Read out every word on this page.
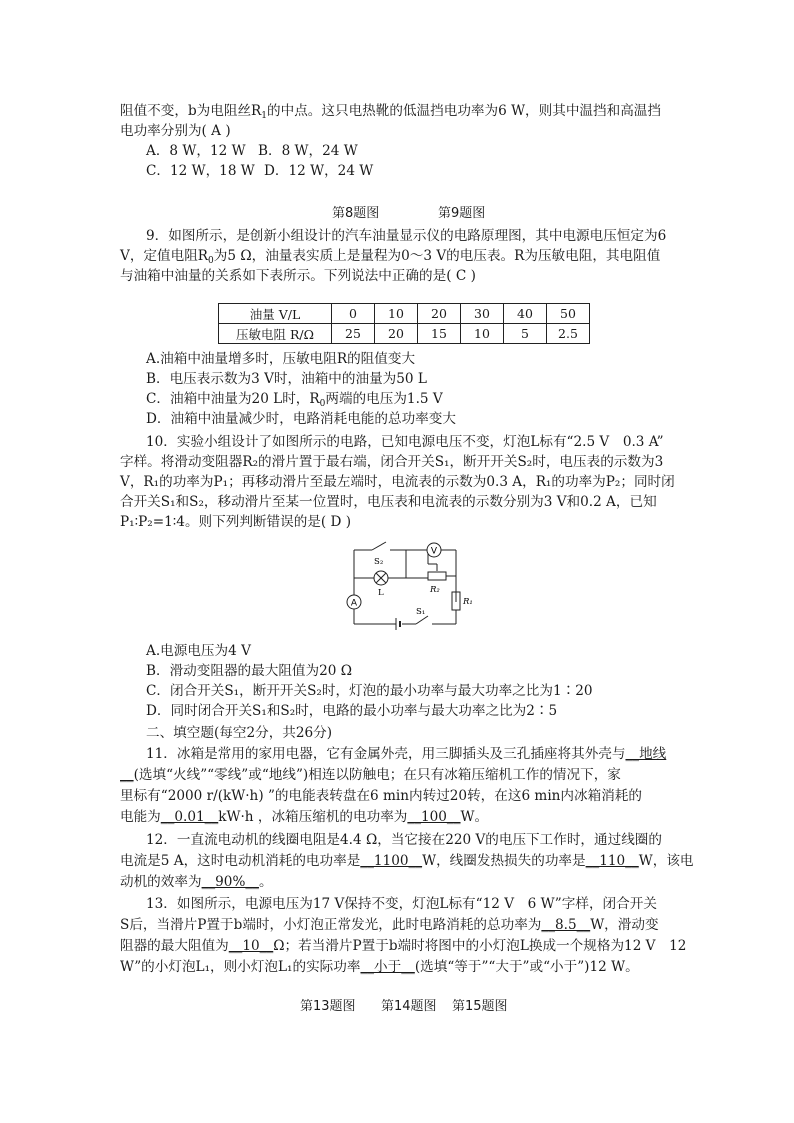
阻值不变，b为电阻丝$R_1$的中点。这只电热靴的低温挡电功率为6 W，则其中温挡和高温挡
电功率分别为( A )
A．8 W，12 W B．8 W，24 W
C．12 W，18 W D．12 W，24 W
第8题图	第9题图
9．如图所示，是创新小组设计的汽车油量显示仪的电路原理图，其中电源电压恒定为6
V，定值电阻$R_0$为5 Ω，油量表实质上是量程为0～3 V的电压表。R为压敏电阻，其电阻值
与油箱中油量的关系如下表所示。下列说法中正确的是( C )
油量 V/L	0	10	20	30	40	50
压敏电阻 R/Ω	25	20	15	10	5	2.5
A.油箱中油量增多时，压敏电阻R的阻值变大
B．电压表示数为3 V时，油箱中的油量为50 L
C．油箱中油量为20 L时，$R_0$两端的电压为1.5 V
D．油箱中油量减少时，电路消耗电能的总功率变大
10．实验小组设计了如图所示的电路，已知电源电压不变，灯泡L标有“2.5 V　0.3 A”
字样。将滑动变阻器R₂的滑片置于最右端，闭合开关S₁，断开开关S₂时，电压表的示数为3
V，R₁的功率为P₁；再移动滑片至最左端时，电流表的示数为0.3 A，R₁的功率为P₂；同时闭
合开关S₁和S₂，移动滑片至某一位置时，电压表和电流表的示数分别为3 V和0.2 A，已知
P₁∶P₂=1∶4。则下列判断错误的是( D )
V
A
S₂
L	R₂
R₁
S₁
A.电源电压为4 V
B．滑动变阻器的最大阻值为20 Ω
C．闭合开关S₁，断开开关S₂时，灯泡的最小功率与最大功率之比为1∶20
D．同时闭合开关S₁和S₂时，电路的最小功率与最大功率之比为2∶5
二、填空题(每空2分，共26分)
11．冰箱是常用的家用电器，它有金属外壳，用三脚插头及三孔插座将其外壳与__地线
__(选填“火线”“零线”或“地线”)相连以防触电；在只有冰箱压缩机工作的情况下，家
里标有“2000 r/(kW·h) ”的电能表转盘在6 min内转过20转，在这6 min内冰箱消耗的
电能为__0.01__kW·h ，冰箱压缩机的电功率为__100__W。
12．一直流电动机的线圈电阻是4.4 Ω，当它接在220 V的电压下工作时，通过线圈的
电流是5 A，这时电动机消耗的电功率是__1100__W，线圈发热损失的功率是__110__W，该电
动机的效率为__90%__。
13．如图所示，电源电压为17 V保持不变，灯泡L标有“12 V　6 W”字样，闭合开关
S后，当滑片P置于b端时，小灯泡正常发光，此时电路消耗的总功率为__8.5__W，滑动变
阻器的最大阻值为__10__Ω；若当滑片P置于b端时将图中的小灯泡L换成一个规格为12 V　12
W”的小灯泡L₁，则小灯泡L₁的实际功率__小于__(选填“等于”“大于”或“小于”)12 W。
第13题图 第14题图 第15题图
